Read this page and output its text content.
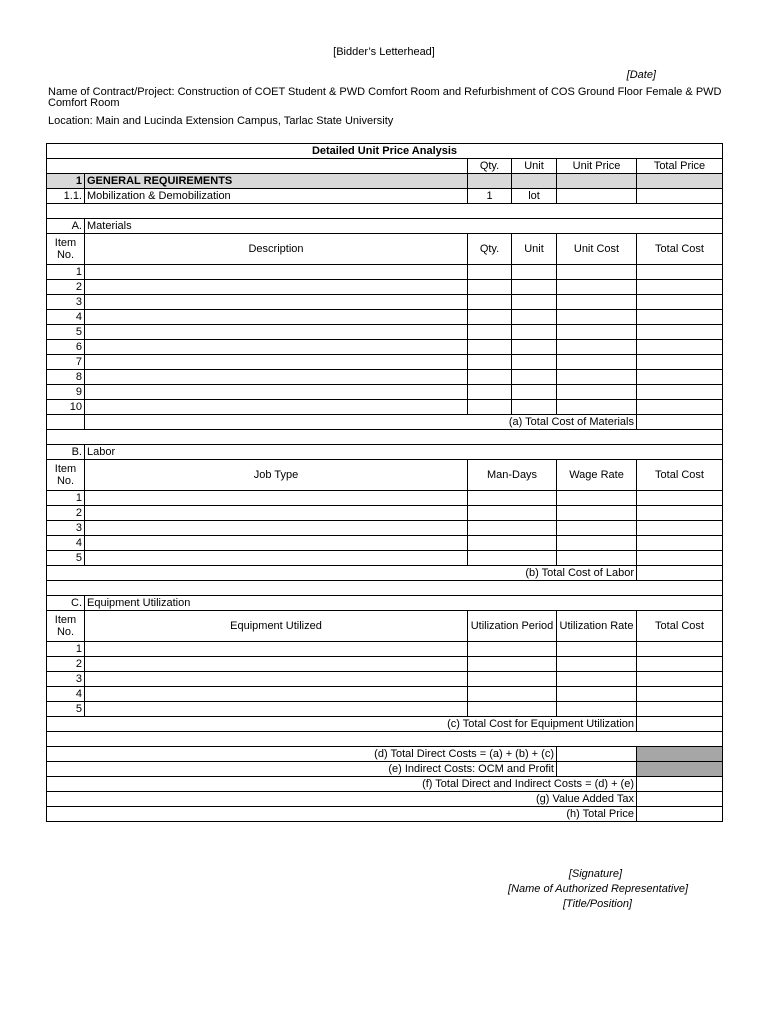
[Bidder’s Letterhead]
[Date]
Name of Contract/Project: Construction of COET Student & PWD Comfort Room and Refurbishment of COS Ground Floor Female & PWD Comfort Room
Location: Main and Lucinda Extension Campus, Tarlac State University
Detailed Unit Price Analysis					
		Qty.	Unit	Unit Price	Total Price
1	GENERAL REQUIREMENTS				
1.1.	Mobilization & Demobilization	1	lot		

A.	Materials				
Item No.	Description	Qty.	Unit	Unit Cost	Total Cost
1					
2					
3					
4					
5					
6					
7					
8					
9					
10					
	(a) Total Cost of Materials				

B.	Labor				
Item No.	Job Type	Man-Days		Wage Rate	Total Cost
1					
2					
3					
4					
5					
(b) Total Cost of Labor					

C.	Equipment Utilization				
Item No.	Equipment Utilized	Utilization Period		Utilization Rate	Total Cost
1					
2					
3					
4					
5					
(c) Total Cost for Equipment Utilization					

(d) Total Direct Costs = (a) + (b) + (c)					
(e) Indirect Costs: OCM and Profit					
(f) Total Direct and Indirect Costs = (d) + (e)					
(g) Value Added Tax					
(h) Total Price					
[Signature]
[Name of Authorized Representative]
[Title/Position]
